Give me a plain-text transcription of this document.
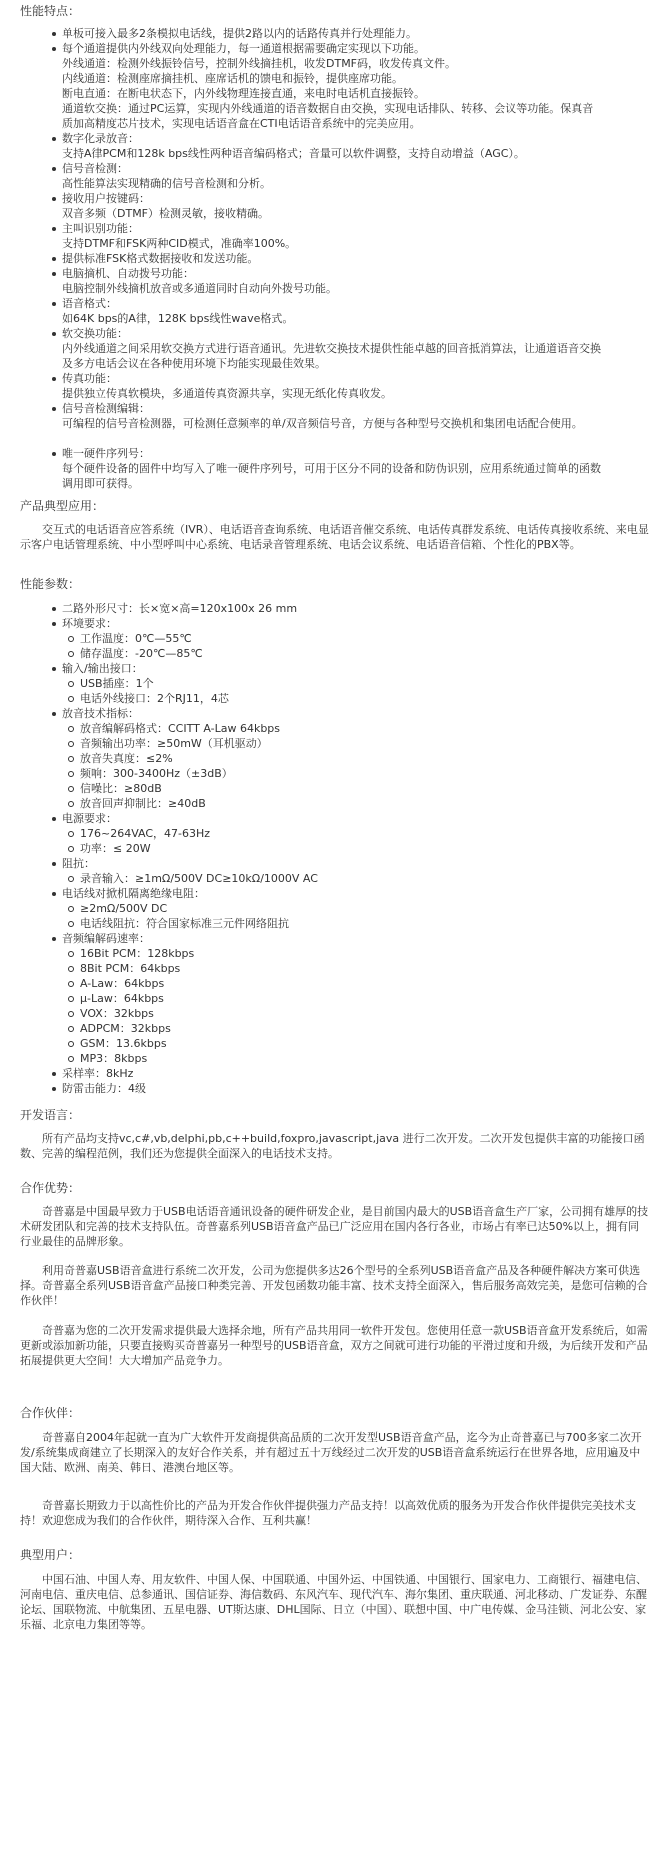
性能特点：
单板可接入最多2条模拟电话线，提供2路以内的话路传真并行处理能力。
每个通道提供内外线双向处理能力，每一通道根据需要确定实现以下功能。
外线通道：检测外线振铃信号，控制外线摘挂机，收发DTMF码，收发传真文件。
内线通道：检测座席摘挂机、座席话机的馈电和振铃，提供座席功能。
断电直通：在断电状态下，内外线物理连接直通，来电时电话机直接振铃。
通道软交换：通过PC运算，实现内外线通道的语音数据自由交换，实现电话排队、转移、会议等功能。保真音质加高精度芯片技术，实现电话语音盒在CTI电话语音系统中的完美应用。
数字化录放音：
支持A律PCM和128k bps线性两种语音编码格式；音量可以软件调整，支持自动增益（AGC）。
信号音检测：
高性能算法实现精确的信号音检测和分析。
接收用户按键码：
双音多频（DTMF）检测灵敏，接收精确。
主叫识别功能：
支持DTMF和FSK两种CID模式，准确率100%。
提供标准FSK格式数据接收和发送功能。
电脑摘机、自动拨号功能：
电脑控制外线摘机放音或多通道同时自动向外拨号功能。
语音格式：
如64K bps的A律，128K bps线性wave格式。
软交换功能：
内外线通道之间采用软交换方式进行语音通讯。先进软交换技术提供性能卓越的回音抵消算法，让通道语音交换及多方电话会议在各种使用环境下均能实现最佳效果。
传真功能：
提供独立传真软模块，多通道传真资源共享，实现无纸化传真收发。
信号音检测编辑：
可编程的信号音检测器，可检测任意频率的单/双音频信号音，方便与各种型号交换机和集团电话配合使用。
唯一硬件序列号：
每个硬件设备的固件中均写入了唯一硬件序列号，可用于区分不同的设备和防伪识别，应用系统通过简单的函数调用即可获得。
产品典型应用：
交互式的电话语音应答系统（IVR）、电话语音查询系统、电话语音催交系统、电话传真群发系统、电话传真接收系统、来电显示客户电话管理系统、中小型呼叫中心系统、电话录音管理系统、电话会议系统、电话语音信箱、个性化的PBX等。
性能参数：
二路外形尺寸：长×宽×高=120x100x 26 mm
环境要求：
工作温度：0℃—55℃
储存温度：-20℃—85℃
输入/输出接口：
USB插座：1个
电话外线接口：2个RJ11，4芯
放音技术指标：
放音编解码格式：CCITT A-Law 64kbps
音频输出功率：≥50mW（耳机驱动）
放音失真度：≤2%
频响：300-3400Hz（±3dB）
信噪比：≥80dB
放音回声抑制比：≥40dB
电源要求：
176~264VAC，47-63Hz
功率：≤ 20W
阻抗：
录音输入：≥1mΩ/500V DC≥10kΩ/1000V AC
电话线对掀机隔离绝缘电阻：
≥2mΩ/500V DC
电话线阻抗：符合国家标准三元件网络阻抗
音频编解码速率：
16Bit PCM：128kbps
8Bit PCM：64kbps
A-Law：64kbps
μ-Law：64kbps
VOX：32kbps
ADPCM：32kbps
GSM：13.6kbps
MP3：8kbps
采样率：8kHz
防雷击能力：4级
开发语言：
所有产品均支持vc,c#,vb,delphi,pb,c++build,foxpro,javascript,java 进行二次开发。二次开发包提供丰富的功能接口函数、完善的编程范例，我们还为您提供全面深入的电话技术支持。
合作优势：
奇普嘉是中国最早致力于USB电话语音通讯设备的硬件研发企业，是目前国内最大的USB语音盒生产厂家，公司拥有雄厚的技术研发团队和完善的技术支持队伍。奇普嘉系列USB语音盒产品已广泛应用在国内各行各业，市场占有率已达50%以上，拥有同行业最佳的品牌形象。
利用奇普嘉USB语音盒进行系统二次开发，公司为您提供多达26个型号的全系列USB语音盒产品及各种硬件解决方案可供选择。奇普嘉全系列USB语音盒产品接口种类完善、开发包函数功能丰富、技术支持全面深入，售后服务高效完美，是您可信赖的合作伙伴！
奇普嘉为您的二次开发需求提供最大选择余地，所有产品共用同一软件开发包。您使用任意一款USB语音盒开发系统后，如需更新或添加新功能，只要直接购买奇普嘉另一种型号的USB语音盒，双方之间就可进行功能的平滑过度和升级，为后续开发和产品拓展提供更大空间！大大增加产品竞争力。
合作伙伴：
奇普嘉自2004年起就一直为广大软件开发商提供高品质的二次开发型USB语音盒产品，迄今为止奇普嘉已与700多家二次开发/系统集成商建立了长期深入的友好合作关系，并有超过五十万线经过二次开发的USB语音盒系统运行在世界各地，应用遍及中国大陆、欧洲、南美、韩日、港澳台地区等。
奇普嘉长期致力于以高性价比的产品为开发合作伙伴提供强力产品支持！以高效优质的服务为开发合作伙伴提供完美技术支持！欢迎您成为我们的合作伙伴，期待深入合作、互利共赢！
典型用户：
中国石油、中国人寿、用友软件、中国人保、中国联通、中国外运、中国铁通、中国银行、国家电力、工商银行、福建电信、河南电信、重庆电信、总参通讯、国信证券、海信数码、东风汽车、现代汽车、海尔集团、重庆联通、河北移动、广发证券、东醒论坛、国联物流、中航集团、五星电器、UT斯达康、DHL国际、日立（中国）、联想中国、中广电传媒、金马洼锁、河北公安、家乐福、北京电力集团等等。
